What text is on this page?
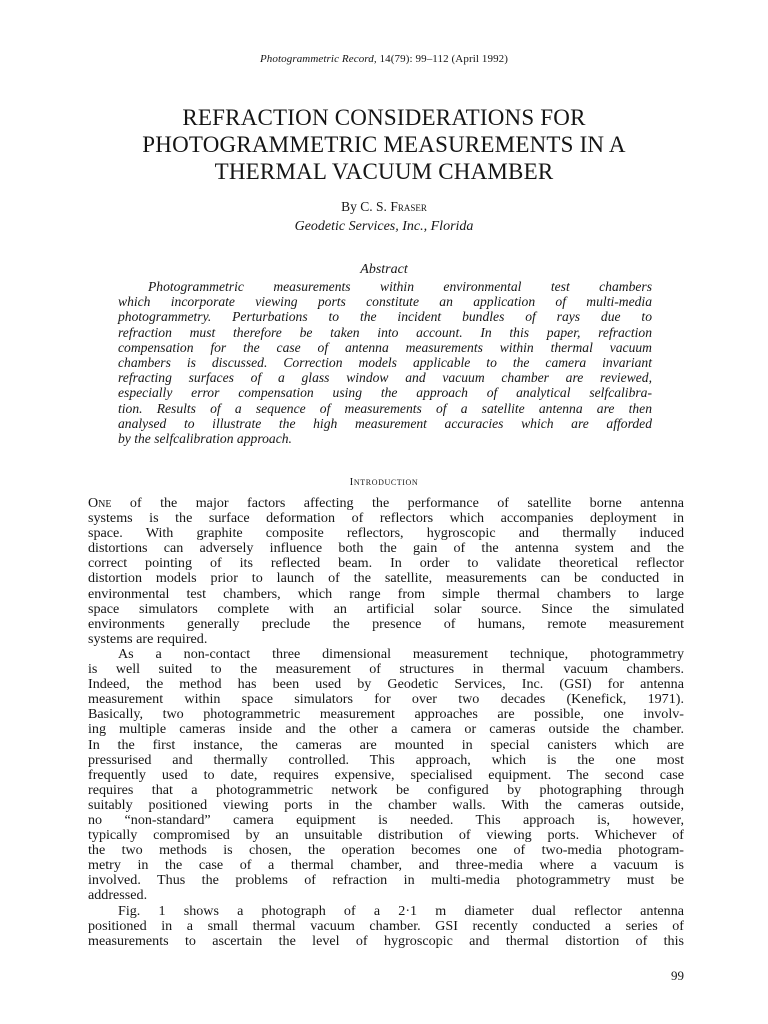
Photogrammetric Record, 14(79): 99–112 (April 1992)
REFRACTION CONSIDERATIONS FOR
PHOTOGRAMMETRIC MEASUREMENTS IN A
THERMAL VACUUM CHAMBER
By C. S. Fraser
Geodetic Services, Inc., Florida
Abstract
Photogrammetric measurements within environmental test chambers
which incorporate viewing ports constitute an application of multi-media
photogrammetry. Perturbations to the incident bundles of rays due to
refraction must therefore be taken into account. In this paper, refraction
compensation for the case of antenna measurements within thermal vacuum
chambers is discussed. Correction models applicable to the camera invariant
refracting surfaces of a glass window and vacuum chamber are reviewed,
especially error compensation using the approach of analytical selfcalibra-
tion. Results of a sequence of measurements of a satellite antenna are then
analysed to illustrate the high measurement accuracies which are afforded
by the selfcalibration approach.
Introduction
One of the major factors affecting the performance of satellite borne antenna
systems is the surface deformation of reflectors which accompanies deployment in
space. With graphite composite reflectors, hygroscopic and thermally induced
distortions can adversely influence both the gain of the antenna system and the
correct pointing of its reflected beam. In order to validate theoretical reflector
distortion models prior to launch of the satellite, measurements can be conducted in
environmental test chambers, which range from simple thermal chambers to large
space simulators complete with an artificial solar source. Since the simulated
environments generally preclude the presence of humans, remote measurement
systems are required.
As a non-contact three dimensional measurement technique, photogrammetry
is well suited to the measurement of structures in thermal vacuum chambers.
Indeed, the method has been used by Geodetic Services, Inc. (GSI) for antenna
measurement within space simulators for over two decades (Kenefick, 1971).
Basically, two photogrammetric measurement approaches are possible, one involv-
ing multiple cameras inside and the other a camera or cameras outside the chamber.
In the first instance, the cameras are mounted in special canisters which are
pressurised and thermally controlled. This approach, which is the one most
frequently used to date, requires expensive, specialised equipment. The second case
requires that a photogrammetric network be configured by photographing through
suitably positioned viewing ports in the chamber walls. With the cameras outside,
no “non-standard” camera equipment is needed. This approach is, however,
typically compromised by an unsuitable distribution of viewing ports. Whichever of
the two methods is chosen, the operation becomes one of two-media photogram-
metry in the case of a thermal chamber, and three-media where a vacuum is
involved. Thus the problems of refraction in multi-media photogrammetry must be
addressed.
Fig. 1 shows a photograph of a 2·1 m diameter dual reflector antenna
positioned in a small thermal vacuum chamber. GSI recently conducted a series of
measurements to ascertain the level of hygroscopic and thermal distortion of this
99
